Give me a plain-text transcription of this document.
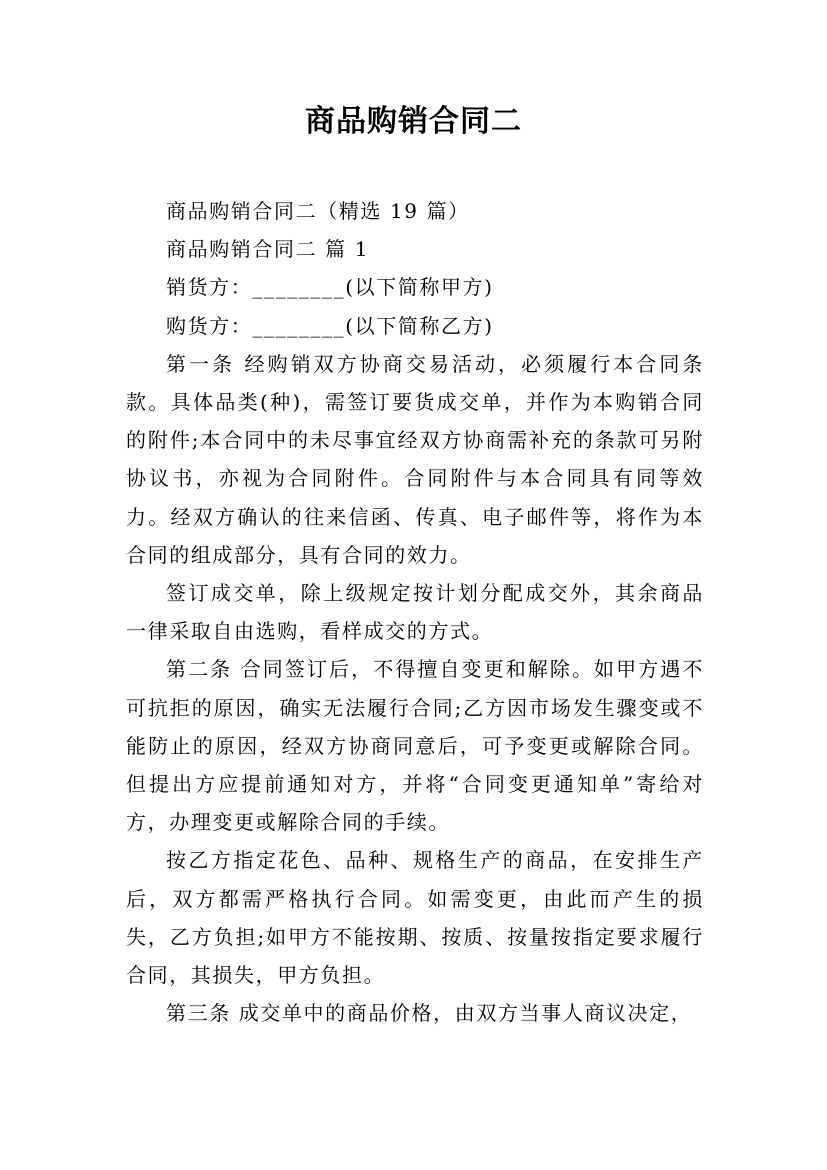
商品购销合同二

商品购销合同二（精选 19 篇）

商品购销合同二 篇 1

销货方：________(以下简称甲方)

购货方：________(以下简称乙方)

第一条 经购销双方协商交易活动，必须履行本合同条款。具体品类(种)，需签订要货成交单，并作为本购销合同的附件;本合同中的未尽事宜经双方协商需补充的条款可另附协议书，亦视为合同附件。合同附件与本合同具有同等效力。经双方确认的往来信函、传真、电子邮件等，将作为本合同的组成部分，具有合同的效力。

签订成交单，除上级规定按计划分配成交外，其余商品一律采取自由选购，看样成交的方式。

第二条 合同签订后，不得擅自变更和解除。如甲方遇不可抗拒的原因，确实无法履行合同;乙方因市场发生骤变或不能防止的原因，经双方协商同意后，可予变更或解除合同。但提出方应提前通知对方，并将“合同变更通知单”寄给对方，办理变更或解除合同的手续。

按乙方指定花色、品种、规格生产的商品，在安排生产后，双方都需严格执行合同。如需变更，由此而产生的损失，乙方负担;如甲方不能按期、按质、按量按指定要求履行合同，其损失，甲方负担。

第三条 成交单中的商品价格，由双方当事人商议决定，
